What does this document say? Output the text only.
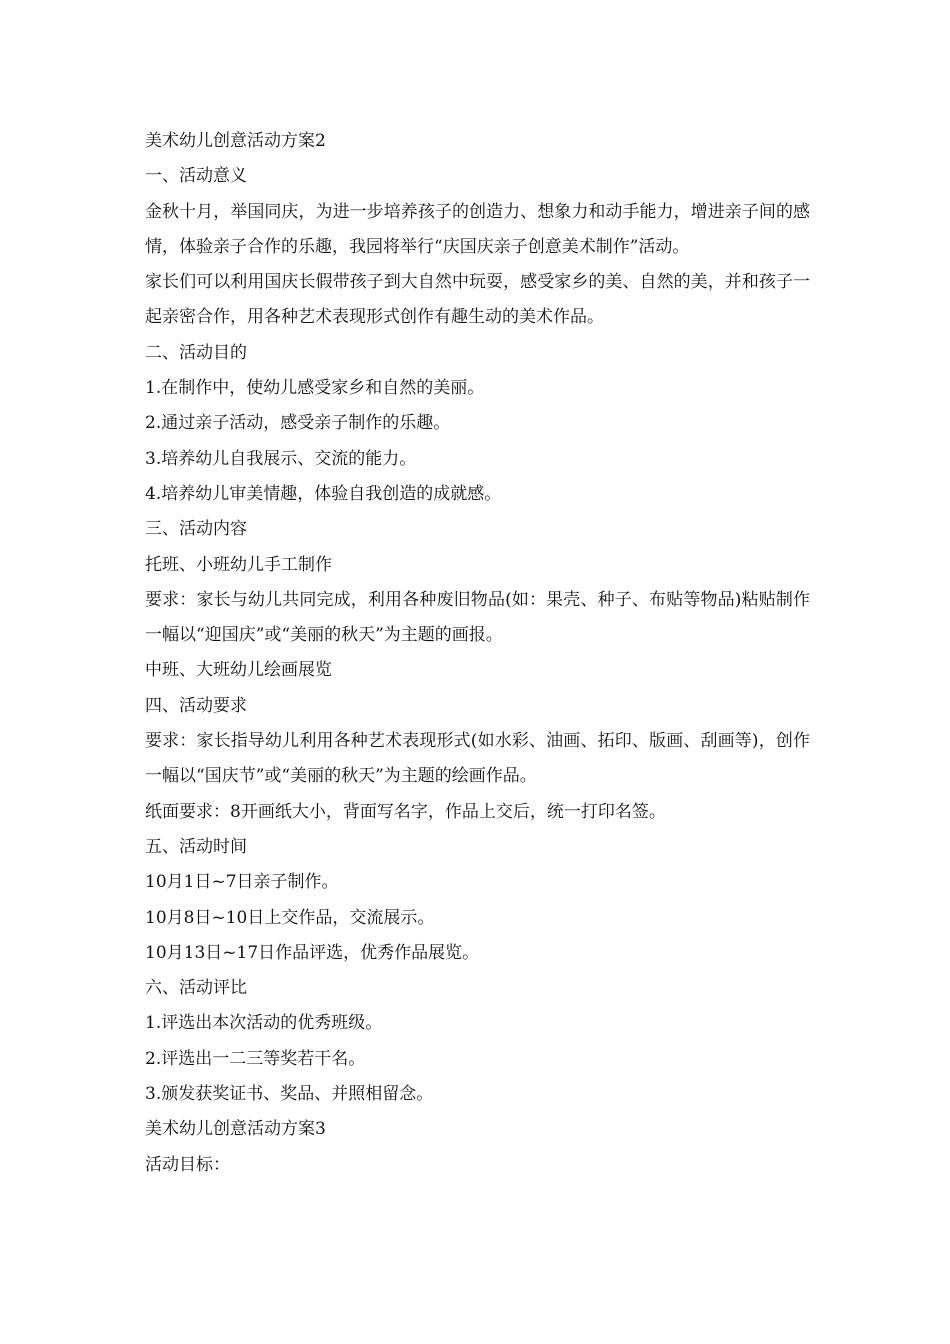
美术幼儿创意活动方案2
一、活动意义
金秋十月，举国同庆，为进一步培养孩子的创造力、想象力和动手能力，增进亲子间的感情，体验亲子合作的乐趣，我园将举行“庆国庆亲子创意美术制作”活动。
家长们可以利用国庆长假带孩子到大自然中玩耍，感受家乡的美、自然的美，并和孩子一起亲密合作，用各种艺术表现形式创作有趣生动的美术作品。
二、活动目的
1.在制作中，使幼儿感受家乡和自然的美丽。
2.通过亲子活动，感受亲子制作的乐趣。
3.培养幼儿自我展示、交流的能力。
4.培养幼儿审美情趣，体验自我创造的成就感。
三、活动内容
托班、小班幼儿手工制作
要求：家长与幼儿共同完成，利用各种废旧物品(如：果壳、种子、布贴等物品)粘贴制作一幅以“迎国庆”或“美丽的秋天”为主题的画报。
中班、大班幼儿绘画展览
四、活动要求
要求：家长指导幼儿利用各种艺术表现形式(如水彩、油画、拓印、版画、刮画等)，创作一幅以“国庆节”或“美丽的秋天”为主题的绘画作品。
纸面要求：8开画纸大小，背面写名字，作品上交后，统一打印名签。
五、活动时间
10月1日~7日亲子制作。
10月8日~10日上交作品，交流展示。
10月13日~17日作品评选，优秀作品展览。
六、活动评比
1.评选出本次活动的优秀班级。
2.评选出一二三等奖若干名。
3.颁发获奖证书、奖品、并照相留念。
美术幼儿创意活动方案3
活动目标：
